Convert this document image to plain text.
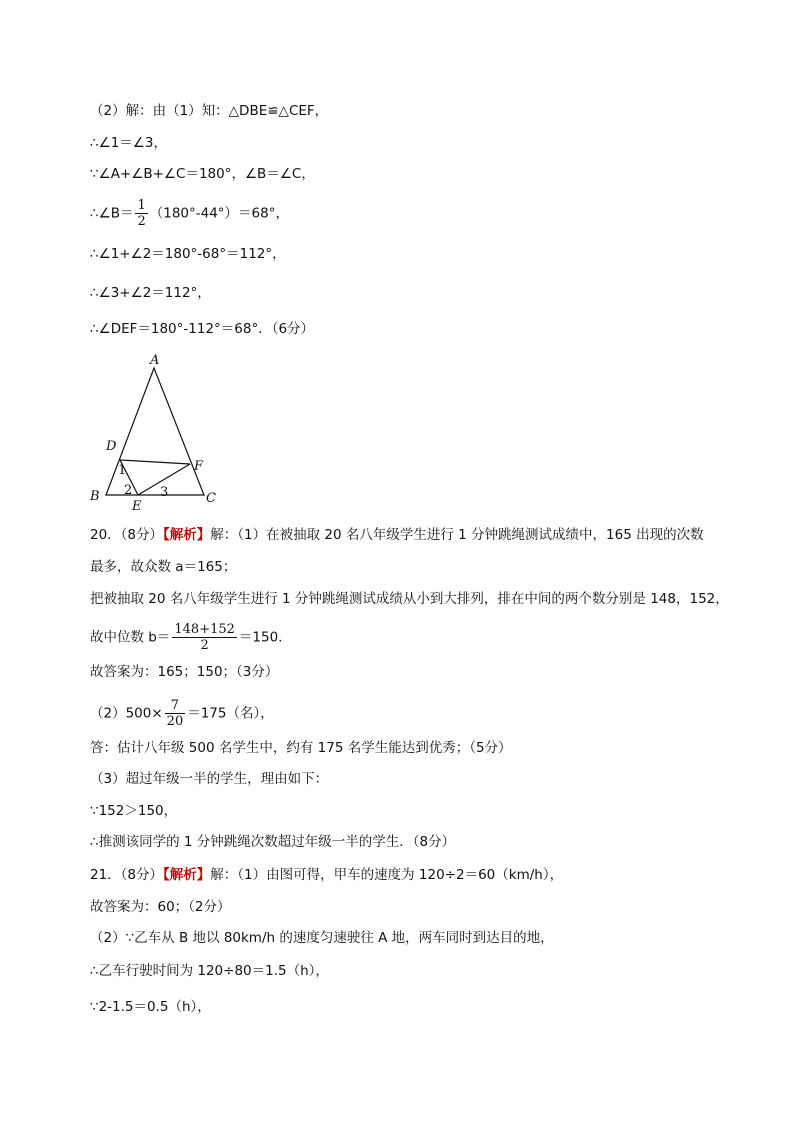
（2）解：由（1）知：△DBE≌△CEF，
∴∠1＝∠3，
∵∠A+∠B+∠C＝180°，∠B＝∠C，
∴∠B＝ $\frac{1}{2} (180^\circ-44^\circ)=68^\circ$，
∴∠1+∠2＝180°-68°＝112°，
∴∠3+∠2＝112°，
∴∠DEF＝180°-112°＝68°．（6分）
A
D
F
B
E
C
1
2 3
20．（8分）【解析】解：（1）在被抽取 20 名八年级学生进行 1 分钟跳绳测试成绩中，165 出现的次数
最多，故众数 a＝165；
把被抽取 20 名八年级学生进行 1 分钟跳绳测试成绩从小到大排列，排在中间的两个数分别是 148，152，
故中位数 $b= \frac{148+152}{2} =150$.
故答案为：165；150；（3分）
$(2)500\times \frac{7}{20} =175$（名），
答：估计八年级 500 名学生中，约有 175 名学生能达到优秀；（5分）
（3）超过年级一半的学生，理由如下：
∵152＞150，
∴推测该同学的 1 分钟跳绳次数超过年级一半的学生．（8分）
21．（8分）【解析】解：（1）由图可得，甲车的速度为 120÷2＝60（km/h），
故答案为：60；（2分）
（2）∵乙车从 B 地以 80km/h 的速度匀速驶往 A 地，两车同时到达目的地，
∴乙车行驶时间为 120÷80＝1.5（h），
∵2-1.5＝0.5（h），
